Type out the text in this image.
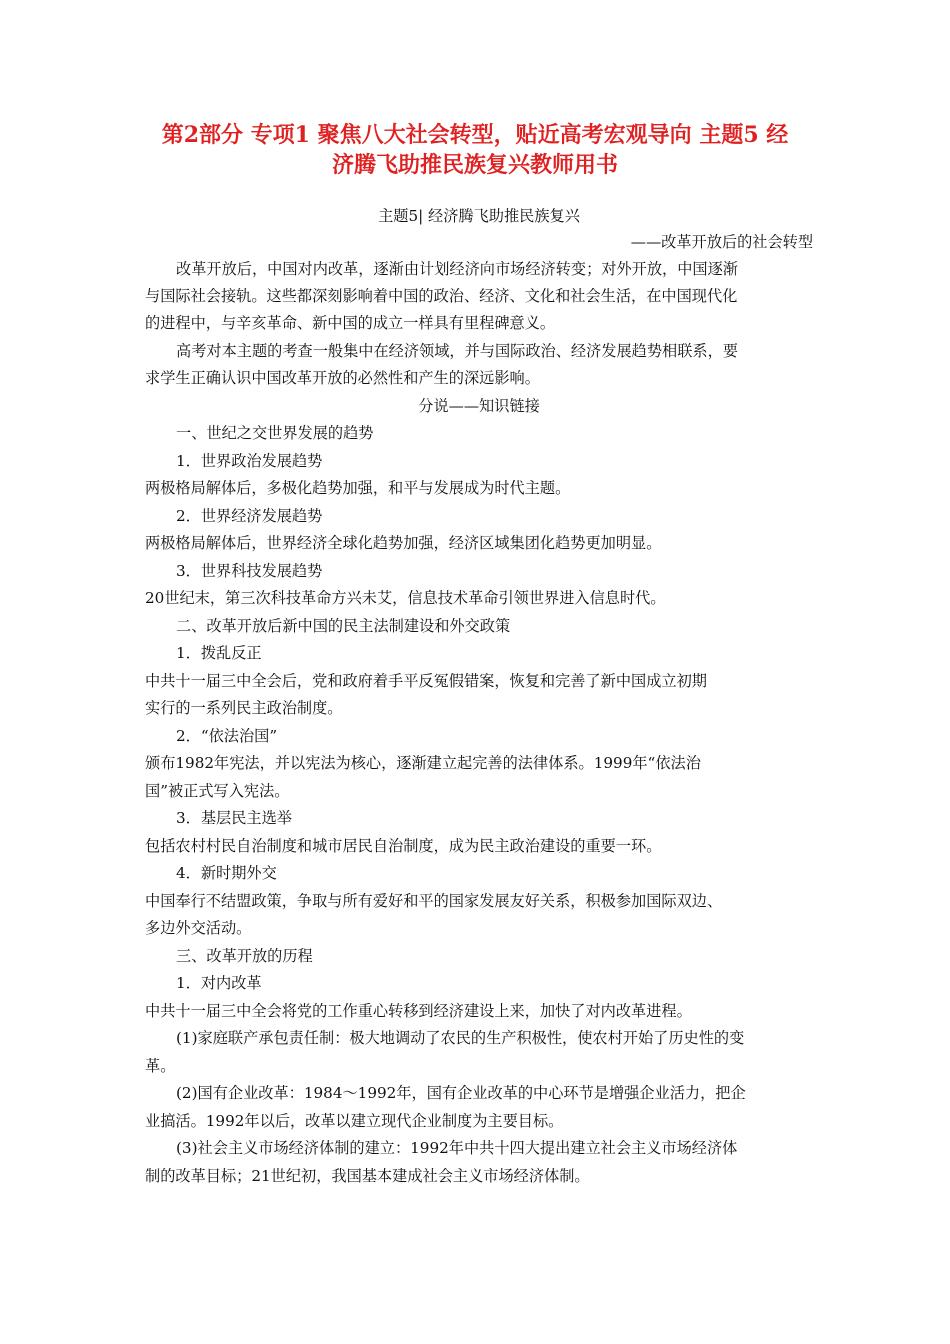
第2部分 专项1 聚焦八大社会转型，贴近高考宏观导向 主题5 经
济腾飞助推民族复兴教师用书
主题5| 经济腾飞助推民族复兴
——改革开放后的社会转型
改革开放后，中国对内改革，逐渐由计划经济向市场经济转变；对外开放，中国逐渐
与国际社会接轨。这些都深刻影响着中国的政治、经济、文化和社会生活，在中国现代化
的进程中，与辛亥革命、新中国的成立一样具有里程碑意义。
高考对本主题的考查一般集中在经济领域，并与国际政治、经济发展趋势相联系，要
求学生正确认识中国改革开放的必然性和产生的深远影响。
分说——知识链接
一、世纪之交世界发展的趋势
1．世界政治发展趋势
两极格局解体后，多极化趋势加强，和平与发展成为时代主题。
2．世界经济发展趋势
两极格局解体后，世界经济全球化趋势加强，经济区域集团化趋势更加明显。
3．世界科技发展趋势
20世纪末，第三次科技革命方兴未艾，信息技术革命引领世界进入信息时代。
二、改革开放后新中国的民主法制建设和外交政策
1．拨乱反正
中共十一届三中全会后，党和政府着手平反冤假错案，恢复和完善了新中国成立初期
实行的一系列民主政治制度。
2．“依法治国”
颁布1982年宪法，并以宪法为核心，逐渐建立起完善的法律体系。1999年“依法治
国”被正式写入宪法。
3．基层民主选举
包括农村村民自治制度和城市居民自治制度，成为民主政治建设的重要一环。
4．新时期外交
中国奉行不结盟政策，争取与所有爱好和平的国家发展友好关系，积极参加国际双边、
多边外交活动。
三、改革开放的历程
1．对内改革
中共十一届三中全会将党的工作重心转移到经济建设上来，加快了对内改革进程。
(1)家庭联产承包责任制：极大地调动了农民的生产积极性，使农村开始了历史性的变
革。
(2)国有企业改革：1984～1992年，国有企业改革的中心环节是增强企业活力，把企
业搞活。1992年以后，改革以建立现代企业制度为主要目标。
(3)社会主义市场经济体制的建立：1992年中共十四大提出建立社会主义市场经济体
制的改革目标；21世纪初，我国基本建成社会主义市场经济体制。
